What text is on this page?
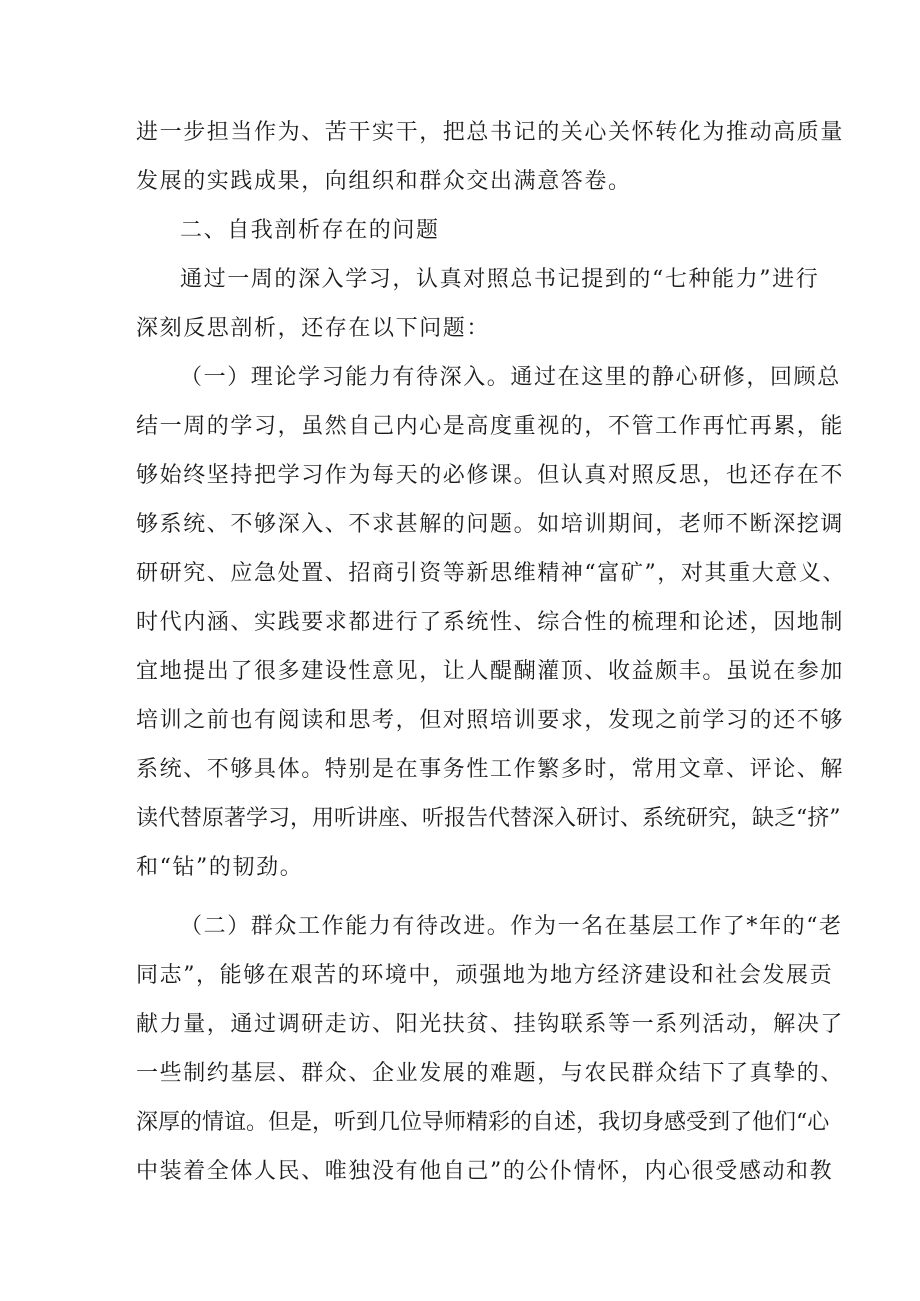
进一步担当作为、苦干实干，把总书记的关心关怀转化为推动高质量
发展的实践成果，向组织和群众交出满意答卷。
二、自我剖析存在的问题
通过一周的深入学习，认真对照总书记提到的“七种能力”进行
深刻反思剖析，还存在以下问题：
（一）理论学习能力有待深入。通过在这里的静心研修，回顾总
结一周的学习，虽然自己内心是高度重视的，不管工作再忙再累，能
够始终坚持把学习作为每天的必修课。但认真对照反思，也还存在不
够系统、不够深入、不求甚解的问题。如培训期间，老师不断深挖调
研研究、应急处置、招商引资等新思维精神“富矿”，对其重大意义、
时代内涵、实践要求都进行了系统性、综合性的梳理和论述，因地制
宜地提出了很多建设性意见，让人醍醐灌顶、收益颇丰。虽说在参加
培训之前也有阅读和思考，但对照培训要求，发现之前学习的还不够
系统、不够具体。特别是在事务性工作繁多时，常用文章、评论、解
读代替原著学习，用听讲座、听报告代替深入研讨、系统研究，缺乏“挤”
和“钻”的韧劲。
（二）群众工作能力有待改进。作为一名在基层工作了*年的“老
同志”，能够在艰苦的环境中，顽强地为地方经济建设和社会发展贡
献力量，通过调研走访、阳光扶贫、挂钩联系等一系列活动，解决了
一些制约基层、群众、企业发展的难题，与农民群众结下了真挚的、
深厚的情谊。但是，听到几位导师精彩的自述，我切身感受到了他们“心
中装着全体人民、唯独没有他自己”的公仆情怀，内心很受感动和教
